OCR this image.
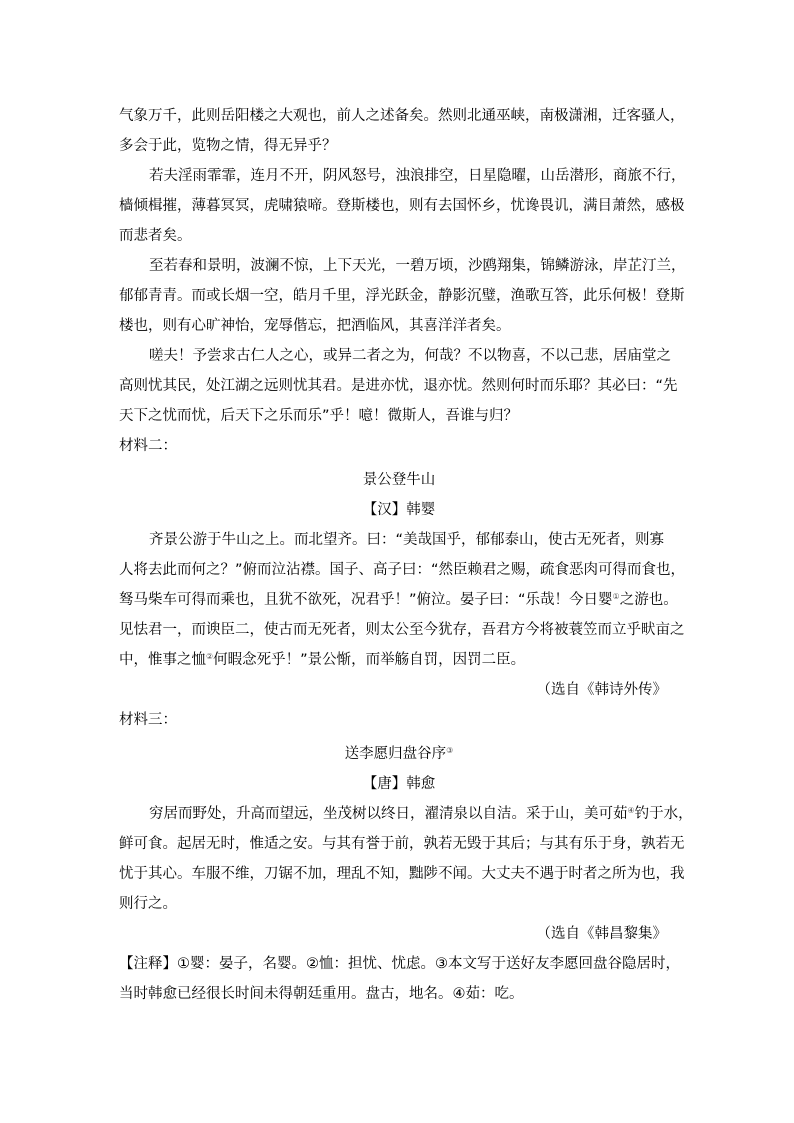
气象万千，此则岳阳楼之大观也，前人之述备矣。然则北通巫峡，南极潇湘，迁客骚人，

多会于此，览物之情，得无异乎？

若夫淫雨霏霏，连月不开，阴风怒号，浊浪排空，日星隐曜，山岳潜形，商旅不行，

樯倾楫摧，薄暮冥冥，虎啸猿啼。登斯楼也，则有去国怀乡，忧谗畏讥，满目萧然，感极

而悲者矣。

至若春和景明，波澜不惊，上下天光，一碧万顷，沙鸥翔集，锦鳞游泳，岸芷汀兰，

郁郁青青。而或长烟一空，皓月千里，浮光跃金，静影沉璧，渔歌互答，此乐何极！登斯

楼也，则有心旷神怡，宠辱偕忘，把酒临风，其喜洋洋者矣。

嗟夫！予尝求古仁人之心，或异二者之为，何哉？不以物喜，不以己悲，居庙堂之

高则忧其民，处江湖之远则忧其君。是进亦忧，退亦忧。然则何时而乐耶？其必曰：“先

天下之忧而忧，后天下之乐而乐”乎！噫！微斯人，吾谁与归？

材料二：

景公登牛山

【汉】韩婴

齐景公游于牛山之上。而北望齐。曰：“美哉国乎，郁郁泰山，使古无死者，则寡

人将去此而何之？”俯而泣沾襟。国子、高子曰：“然臣赖君之赐，疏食恶肉可得而食也，

驽马柴车可得而乘也，且犹不欲死，况君乎！”俯泣。晏子曰：“乐哉！今日婴①之游也。

见怯君一，而谀臣二，使古而无死者，则太公至今犹存，吾君方今将被蓑笠而立乎畎亩之

中，惟事之恤②何暇念死乎！”景公惭，而举觞自罚，因罚二臣。

（选自《韩诗外传》

材料三：

送李愿归盘谷序③

【唐】韩愈

穷居而野处，升高而望远，坐茂树以终日，濯清泉以自洁。采于山，美可茹④钓于水，

鲜可食。起居无时，惟适之安。与其有誉于前，孰若无毁于其后；与其有乐于身，孰若无

忧于其心。车服不维，刀锯不加，理乱不知，黜陟不闻。大丈夫不遇于时者之所为也，我

则行之。

（选自《韩昌黎集》

【注释】①婴：晏子，名婴。②恤：担忧、忧虑。③本文写于送好友李愿回盘谷隐居时，

当时韩愈已经很长时间未得朝廷重用。盘古，地名。④茹：吃。
